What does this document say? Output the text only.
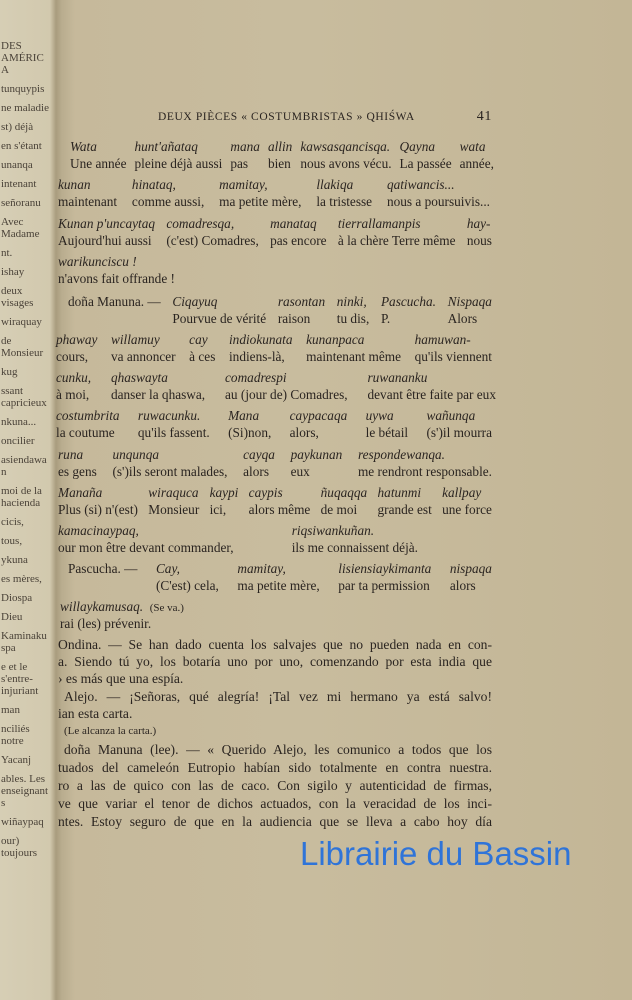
DES AMÉRICA
tunquypis
ne maladie
st) déjà
en s'étant
unanqa
intenant
señoranu
Avec Madame
nt.
ishay
deux visages
wiraquay
de Monsieur
kug
ssant capricieux
nkuna...
oncilier
asiendawan
moi de la hacienda
cicis,
tous,
ykuna
es mères,
Diospa
Dieu
Kaminakuspa
e et le s'entre-injuriant
man
nciliés notre
Yacanj
ables. Les enseignants
wiñaypaq
our) toujours
DEUX PIÈCES « COSTUMBRISTAS » QHIŚWA	41
Wata
Une année
hunt'añataq
pleine déjà aussi
mana
pas
allin
bien
kawsasqancisqa.
nous avons vécu.
Qayna
La passée
wata
année,
kunan
maintenant
hinataq,
comme aussi,
mamitay,
ma petite mère,
llakiqa
la tristesse
qatiwancis...
nous a poursuivis...
Kunan p'uncaytaq
Aujourd'hui aussi
comadresqa,
(c'est) Comadres,
manataq
pas encore
tierrallamanpis
à la chère Terre même
hay-
nous
warikunciscu !
n'avons fait offrande !
doña Manuna. — Ciqayuq
Pourvue de vérité
rasontan
raison
ninki,
tu dis,
Pascucha.
P.
Nispaqa
Alors
phaway
cours,
willamuy
va annoncer
cay
à ces
indiokunata
indiens-là,
kunanpaca
maintenant même
hamuwan-
qu'ils viennent
cunku,
à moi,
qhaswayta
danser la qhaswa,
comadrespi
au (jour de) Comadres,
ruwananku
devant être faite par eux
costumbrita
la coutume
ruwacunku.
qu'ils fassent.
Mana
(Si)non,
caypacaqa
alors,
uywa
le bétail
wañunqa
(s')il mourra
runa
es gens
unqunqa
(s')ils seront malades,
cayqa
alors
paykunan
eux
respondewanqa.
me rendront responsable.
Manaña
Plus (si) n'(est)
wiraquca
Monsieur
kaypi
ici,
caypis
alors même
ñuqaqqa
de moi
hatunmi
grande est
kallpay
une force
kamacinaypaq,
our mon être devant commander,
riqsiwankuñan.
ils me connaissent déjà.
Pascucha. — Cay,
(C'est) cela,
mamitay,
ma petite mère,
lisiensiaykimanta
par ta permission
nispaqa
alors
willaykamusaq. (Se va.)
rai (les) prévenir.
Ondina. — Se han dado cuenta los salvajes que no pueden nada en con-
a. Siendo tú yo, los botaría uno por uno, comenzando por esta india que
› es más que una espía.
Alejo. — ¡Señoras, qué alegría! ¡Tal vez mi hermano ya está salvo!
ian esta carta.
(Le alcanza la carta.)
doña Manuna (lee). — « Querido Alejo, les comunico a todos que los
tuados del cameleón Eutropio habían sido totalmente en contra nuestra.
ro a las de quico con las de caco. Con sigilo y autenticidad de firmas,
ve que variar el tenor de dichos actuados, con la veracidad de los inci-
ntes. Estoy seguro de que en la audiencia que se lleva a cabo hoy día
Librairie du Bassin
